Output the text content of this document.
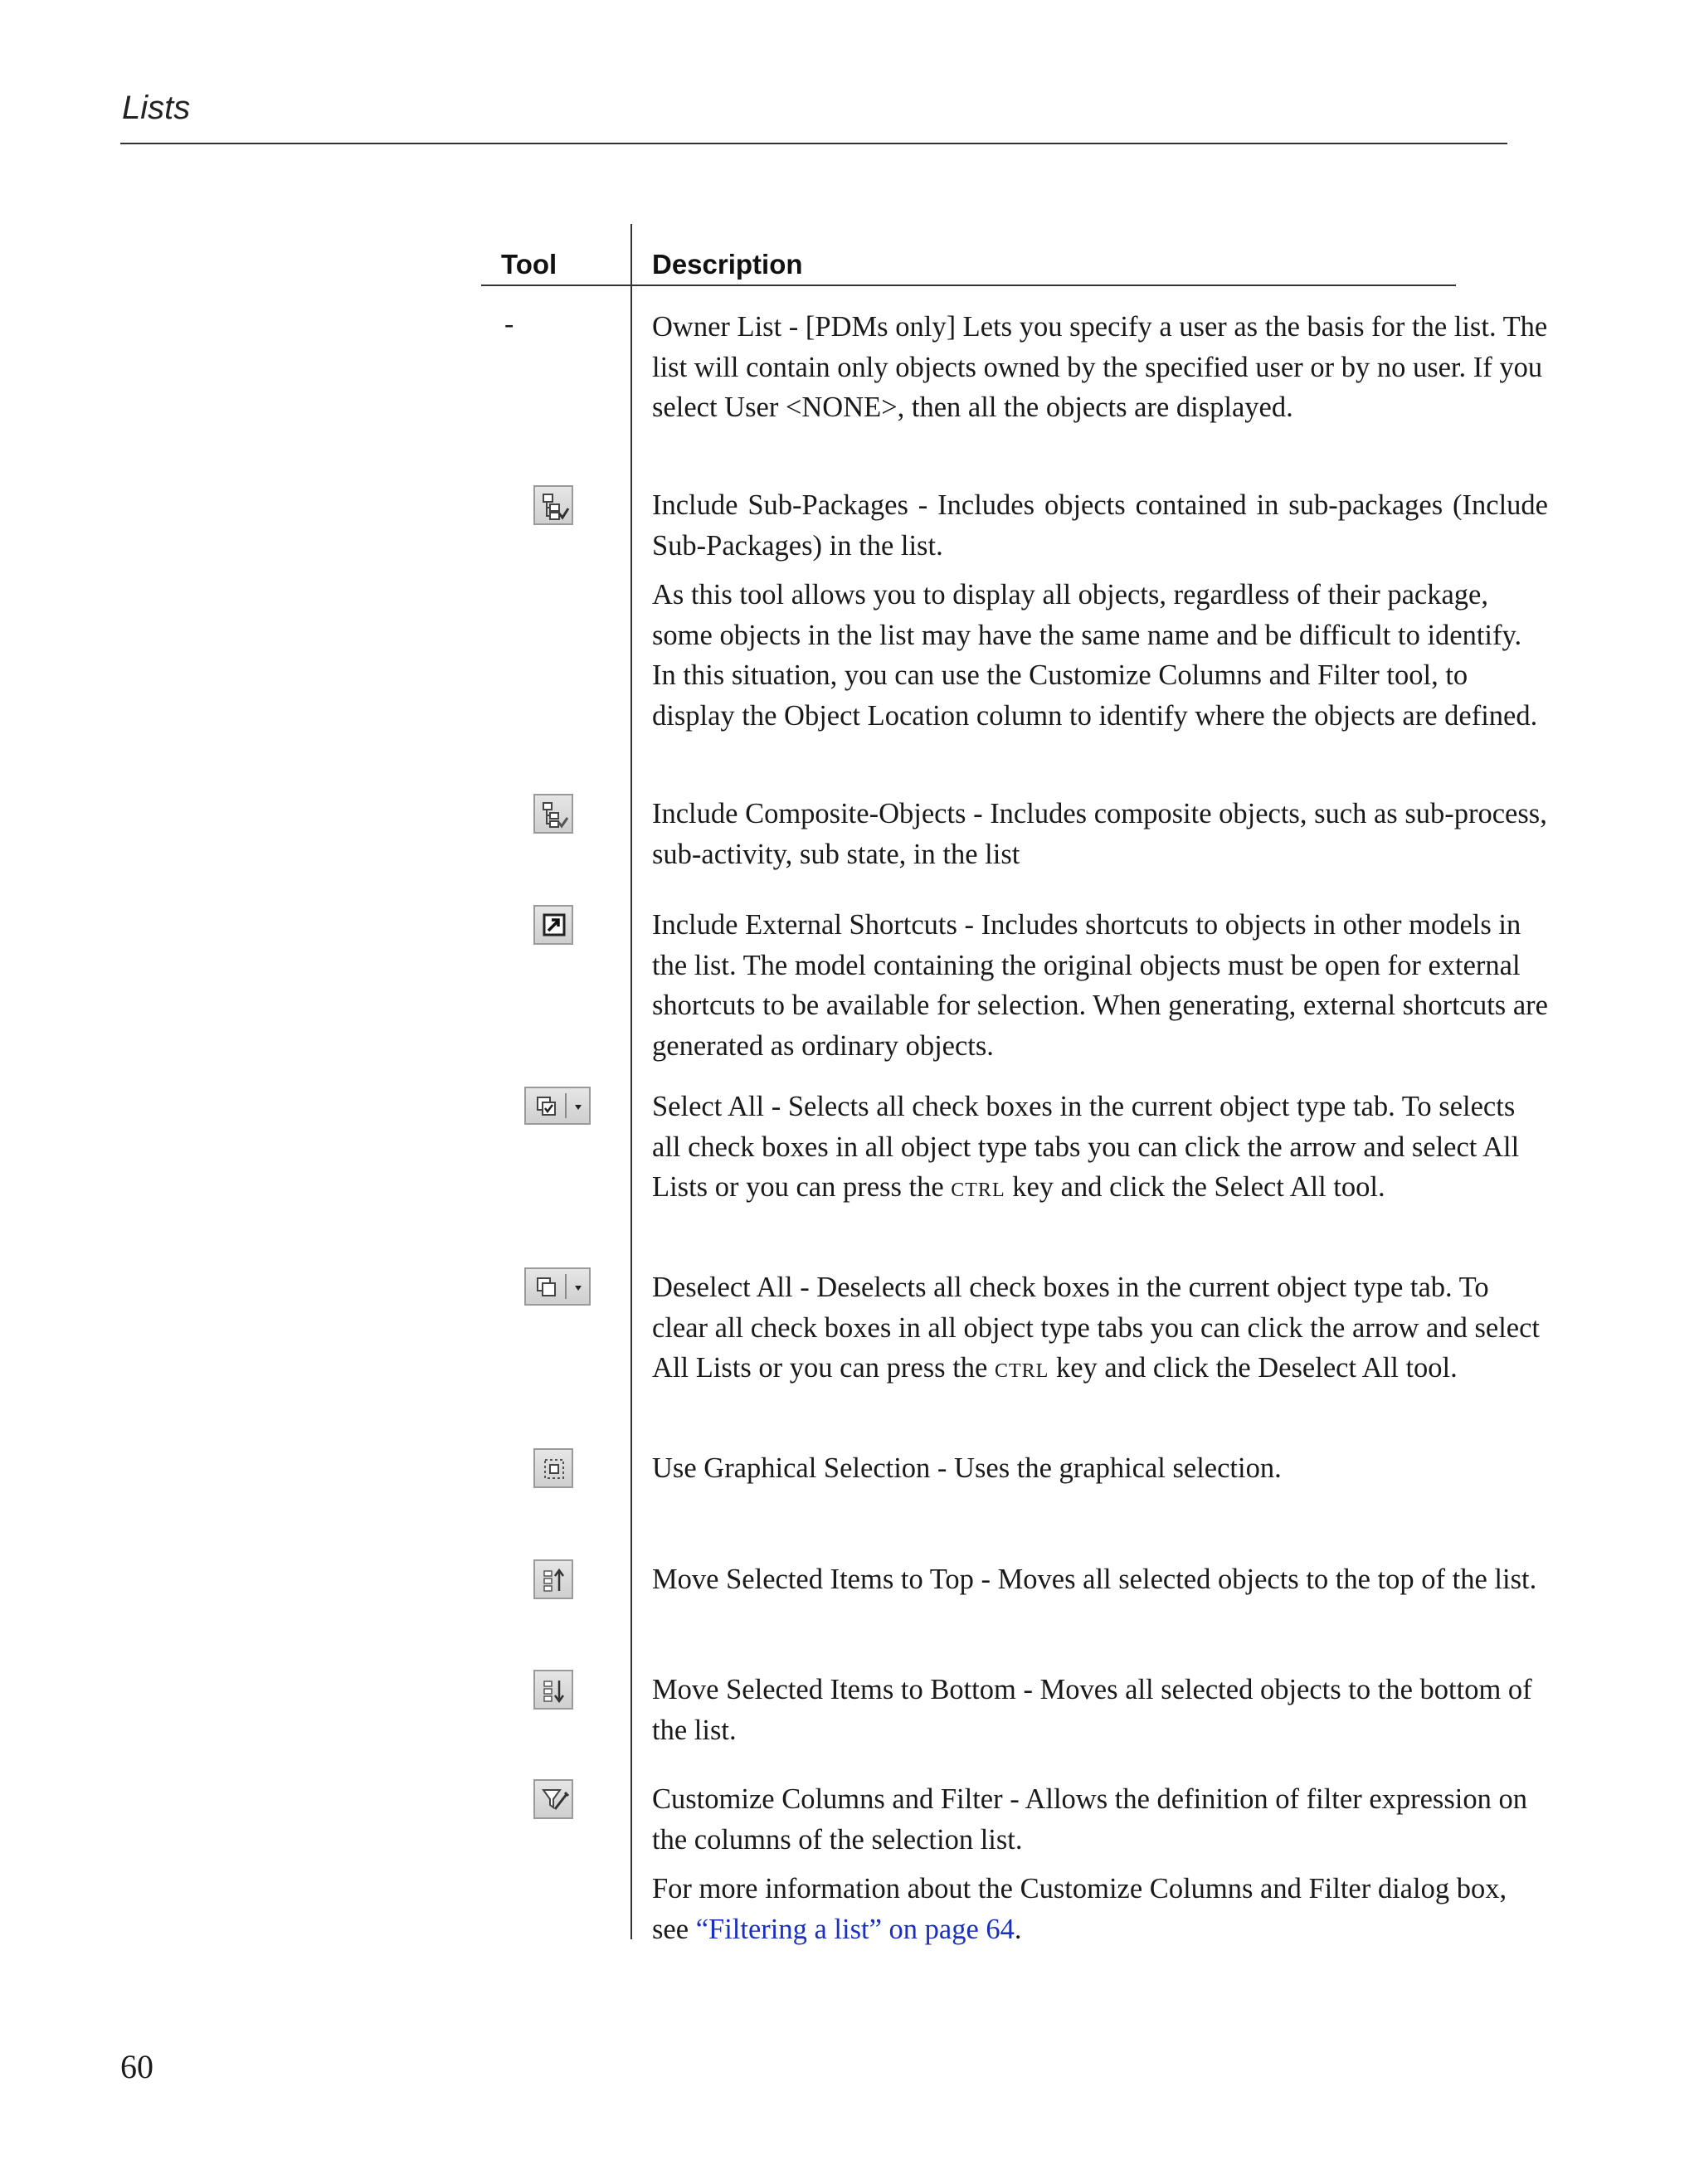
Lists
Tool	Description
-	Owner List - [PDMs only] Lets you specify a user as the basis for the list. The list will contain only objects owned by the specified user or by no user. If you select User <NONE>, then all the objects are displayed.

Include Sub-Packages - Includes objects contained in sub-packages (Include Sub-Packages) in the list.

As this tool allows you to display all objects, regardless of their package, some objects in the list may have the same name and be difficult to identify. In this situation, you can use the Customize Columns and Filter tool, to display the Object Location column to identify where the objects are defined.

Include Composite-Objects - Includes composite objects, such as sub-process, sub-activity, sub state, in the list

Include External Shortcuts - Includes shortcuts to objects in other models in the list. The model containing the original objects must be open for external shortcuts to be available for selection. When generating, external shortcuts are generated as ordinary objects.

Select All - Selects all check boxes in the current object type tab. To selects all check boxes in all object type tabs you can click the arrow and select All Lists or you can press the ctrl key and click the Select All tool.

Deselect All - Deselects all check boxes in the current object type tab. To clear all check boxes in all object type tabs you can click the arrow and select All Lists or you can press the ctrl key and click the Deselect All tool.

Use Graphical Selection - Uses the graphical selection.

Move Selected Items to Top - Moves all selected objects to the top of the list.

Move Selected Items to Bottom - Moves all selected objects to the bottom of the list.

Customize Columns and Filter - Allows the definition of filter expression on the columns of the selection list.

For more information about the Customize Columns and Filter dialog box, see “Filtering a list” on page 64.

60
